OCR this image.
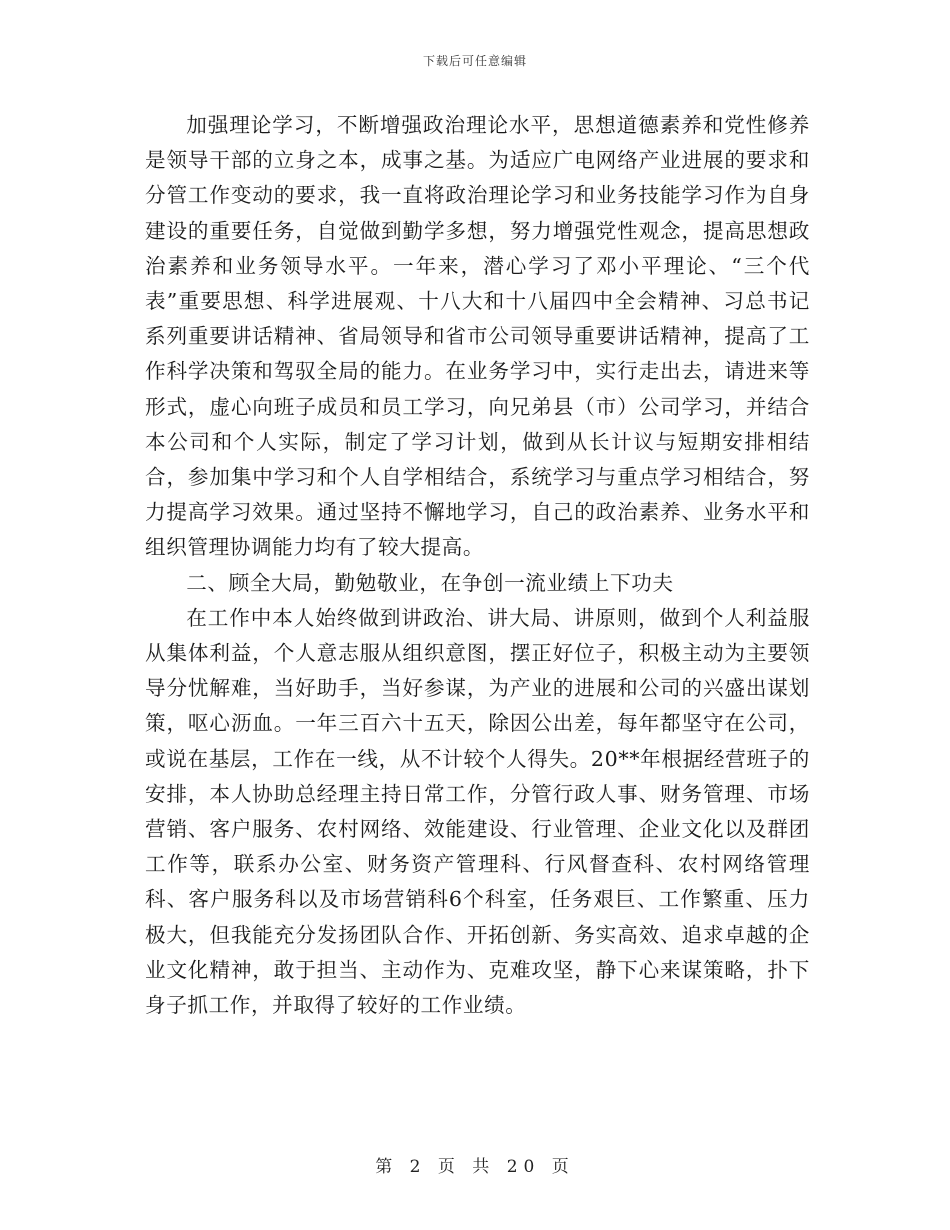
下载后可任意编辑

加强理论学习，不断增强政治理论水平，思想道德素养和党性修养是领导干部的立身之本，成事之基。为适应广电网络产业进展的要求和分管工作变动的要求，我一直将政治理论学习和业务技能学习作为自身建设的重要任务，自觉做到勤学多想，努力增强党性观念，提高思想政治素养和业务领导水平。一年来，潜心学习了邓小平理论、“三个代表”重要思想、科学进展观、十八大和十八届四中全会精神、习总书记系列重要讲话精神、省局领导和省市公司领导重要讲话精神，提高了工作科学决策和驾驭全局的能力。在业务学习中，实行走出去，请进来等形式，虚心向班子成员和员工学习，向兄弟县（市）公司学习，并结合本公司和个人实际，制定了学习计划，做到从长计议与短期安排相结合，参加集中学习和个人自学相结合，系统学习与重点学习相结合，努力提高学习效果。通过坚持不懈地学习，自己的政治素养、业务水平和组织管理协调能力均有了较大提高。

二、顾全大局，勤勉敬业，在争创一流业绩上下功夫

在工作中本人始终做到讲政治、讲大局、讲原则，做到个人利益服从集体利益，个人意志服从组织意图，摆正好位子，积极主动为主要领导分忧解难，当好助手，当好参谋，为产业的进展和公司的兴盛出谋划策，呕心沥血。一年三百六十五天，除因公出差，每年都坚守在公司，或说在基层，工作在一线，从不计较个人得失。20**年根据经营班子的安排，本人协助总经理主持日常工作，分管行政人事、财务管理、市场营销、客户服务、农村网络、效能建设、行业管理、企业文化以及群团工作等，联系办公室、财务资产管理科、行风督查科、农村网络管理科、客户服务科以及市场营销科6个科室，任务艰巨、工作繁重、压力极大，但我能充分发扬团队合作、开拓创新、务实高效、追求卓越的企业文化精神，敢于担当、主动作为、克难攻坚，静下心来谋策略，扑下身子抓工作，并取得了较好的工作业绩。

第 2 页 共 20 页
